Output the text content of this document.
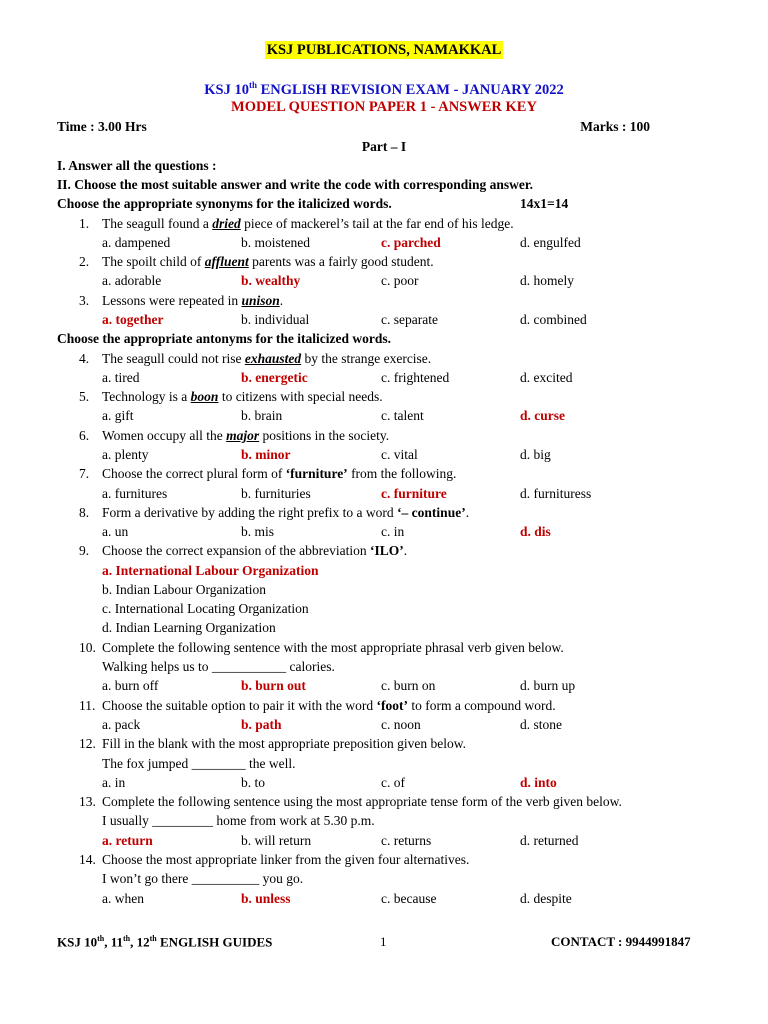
KSJ PUBLICATIONS, NAMAKKAL
KSJ 10th ENGLISH REVISION EXAM - JANUARY 2022
MODEL QUESTION PAPER 1 - ANSWER KEY
Time : 3.00 Hrs	Marks : 100
Part – I
I. Answer all the questions :
II. Choose the most suitable answer and write the code with corresponding answer.
Choose the appropriate synonyms for the italicized words.	14x1=14
1. The seagull found a dried piece of mackerel’s tail at the far end of his ledge.
a. dampened	b. moistened	c. parched	d. engulfed
2. The spoilt child of affluent parents was a fairly good student.
a. adorable	b. wealthy	c. poor	d. homely
3. Lessons were repeated in unison.
a. together	b. individual	c. separate	d. combined
Choose the appropriate antonyms for the italicized words.
4. The seagull could not rise exhausted by the strange exercise.
a. tired	b. energetic	c. frightened	d. excited
5. Technology is a boon to citizens with special needs.
a. gift	b. brain	c. talent	d. curse
6. Women occupy all the major positions in the society.
a. plenty	b. minor	c. vital	d. big
7. Choose the correct plural form of ‘furniture’ from the following.
a. furnitures	b. furnituries	c. furniture	d. furnituress
8. Form a derivative by adding the right prefix to a word ‘– continue’.
a. un	b. mis	c. in	d. dis
9. Choose the correct expansion of the abbreviation ‘ILO’.
a. International Labour Organization
b. Indian Labour Organization
c. International Locating Organization
d. Indian Learning Organization
10. Complete the following sentence with the most appropriate phrasal verb given below.
Walking helps us to ___________ calories.
a. burn off	b. burn out	c. burn on	d. burn up
11. Choose the suitable option to pair it with the word ‘foot’ to form a compound word.
a. pack	b. path	c. noon	d. stone
12. Fill in the blank with the most appropriate preposition given below.
The fox jumped ________ the well.
a. in	b. to	c. of	d. into
13. Complete the following sentence using the most appropriate tense form of the verb given below.
I usually _________ home from work at 5.30 p.m.
a. return	b. will return	c. returns	d. returned
14. Choose the most appropriate linker from the given four alternatives.
I won’t go there __________ you go.
a. when	b. unless	c. because	d. despite
KSJ 10th, 11th, 12th ENGLISH GUIDES	1	CONTACT : 9944991847
